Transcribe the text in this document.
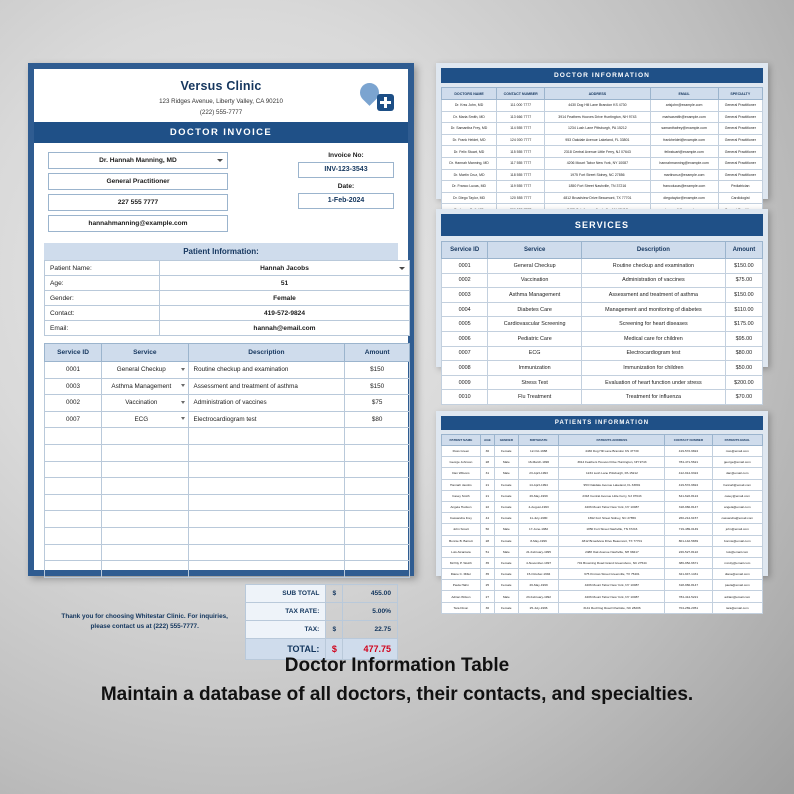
Versus Clinic
123 Ridges Avenue, Liberty Valley, CA 90210
(222) 555-7777
DOCTOR INVOICE
Dr. Hannah Manning, MD
General Practitioner
227 555 7777
hannahmanning@example.com
Invoice No:
INV-123-3543
Date:
1-Feb-2024
Patient Information:
Patient Name:	Hannah Jacobs
Age:	51
Gender:	Female
Contact:	419-572-9824
Email:	hannah@email.com
Service ID	Service	Description	Amount
0001	General Checkup	Routine checkup and examination	$150
0003	Asthma Management	Assessment and treatment of asthma	$150
0002	Vaccination	Administration of vaccines	$75
0007	ECG	Electrocardiogram test	$80

Thank you for choosing Whitestar Clinic. For inquiries, please contact us at (222) 555-7777.
SUB TOTAL	$	455.00
TAX RATE:		5.00%
TAX:	$	22.75
TOTAL:	$	477.75
DOCTOR INFORMATION
DOCTORS NAME	CONTACT NUMBER	ADDRESS	EMAIL	SPECIALTY
Dr. Krss John, MD	111 000 7777	4430 Dog Hill Lane Brandon KS 4730	arisjohn@example.com	General Practitioner
Dr. Maria Smith, MD	113 666 7777	3914 Feathers Hooves Drive Huntington, NH 9743	marisasmith@example.com	General Practitioner
Dr. Samantha Frey, MD	114 555 7777	1234 Lush Lane Pittsburgh, PA 15212	samanthafrey@example.com	General Practitioner
Dr. Frank Heldet, MD	124 000 7777	953 Oakdale Avenue Lakeland, FL 33801	frankheldet@example.com	General Practitioner
Dr. Felix Stuart, MD	115 555 7777	2318 Central Avenue Little Ferry, NJ 07643	felixstuart@example.com	General Practitioner
Dr. Hannah Manning, MD	117 555 7777	4206 Mount Tabor New York, NY 10087	hannahmanning@example.com	General Practitioner
Dr. Martin Cruz, MD	118 555 7777	1975 Fort Street Sidney, NC 27856	martincruz@example.com	General Practitioner
Dr. Franco Lucas, MD	119 555 7777	1850 Fort Street Nashville, TN 37216	francolucas@example.com	Pediatrician
Dr. Diego Taylor, MD	120 555 7777	4812 Broadview Drive Beaumont, TX 77701	diegotaylor@example.com	Cardiologist

SERVICES
Service ID	Service	Description	Amount
0001	General Checkup	Routine checkup and examination	$150.00
0002	Vaccination	Administration of vaccines	$75.00
0003	Asthma Management	Assessment and treatment of asthma	$150.00
0004	Diabetes Care	Management and monitoring of diabetes	$110.00
0005	Cardiovascular Screening	Screening for heart diseases	$175.00
0006	Pediatric Care	Medical care for children	$95.00
0007	ECG	Electrocardiogram test	$80.00
0008	Immunization	Immunization for children	$50.00
0009	Stress Test	Evaluation of heart function under stress	$200.00
0010	Flu Treatment	Treatment for influenza	$70.00
PATIENTS INFORMATION
PATIENT NAME	AGE	GENDER	BIRTHDATE	PATIENTS ADDRESS	CONTACT NUMBER	PATIENTS EMAIL
Ross Green	36	Female	12-Oct-1988	4430 Dog Hill Lane Brandon KS 47730	419-572-9824	ross@email.com
George Johnson	28	Male	16-March-1996	3914 Feathers Hooves Drive Huntington, NH 9743	784-471-5621	george@email.com
Dan Wilsons	31	Male	23-April-1993	1234 Lush Lane Pittsburgh, PA 15212	412-914-9324	dan@email.com
Hannah Jacobs	21	Female	14-April-1994	953 Oakdale Avenue Lakeland, FL 33801	419-572-9824	hannah@email.com
Casey Smith	21	Female	26-May-1999	2318 Central Avenue Little Ferry, NJ 07643	641-622-8124	casey@email.com
Angela Hudson	22	Female	4-August-1993	4206 Mount Tabor New York, NY 10087	318-966-8147	angela@email.com
Cassandra Frey	44	Female	11-July-1980	1692 Fort Street Sidney, NC 27856	260-214-6157	cassandra@email.com
John Smart	50	Male	17-June-1982	1850 Fort Street Nashville, TN 37216	719-489-0149	john@email.com
Bonnie B. Barrett	28	Female	8-May-1996	4812 Broadview Drive Beaumont, TX 77701	801-142-5839	bonnie@email.com
Luis Alcantara	51	Male	21-February-1995	2488 Oak Avenue Nashville, NH 98417	226-527-8122	luis@email.com
McVity P. Welch	35	Female	4-November-1997	701 Browning Road Grand Greensboro, NC 27544	386-952-6671	mcvity@email.com
Diane C. Miller	35	Female	15-October-1994	675 Kinross Street Greenville, TX 75401	321-947-1431	diane@email.com
Paula Hahn	25	Female	26-May-1999	4206 Mount Tabor New York, NY 10087	318-966-8147	paula@email.com
Adrian Wilson	27	Male	23-February-1992	4206 Mount Tabor New York, NY 10087	784-414-5221	adrian@email.com
Tara Dixon	36	Female	25-July-1996	3141 Red Dog Road Charlotte, NC 28206	704-269-2051	tara@email.com
Doctor Information Table
Maintain a database of all doctors, their contacts, and specialties.
